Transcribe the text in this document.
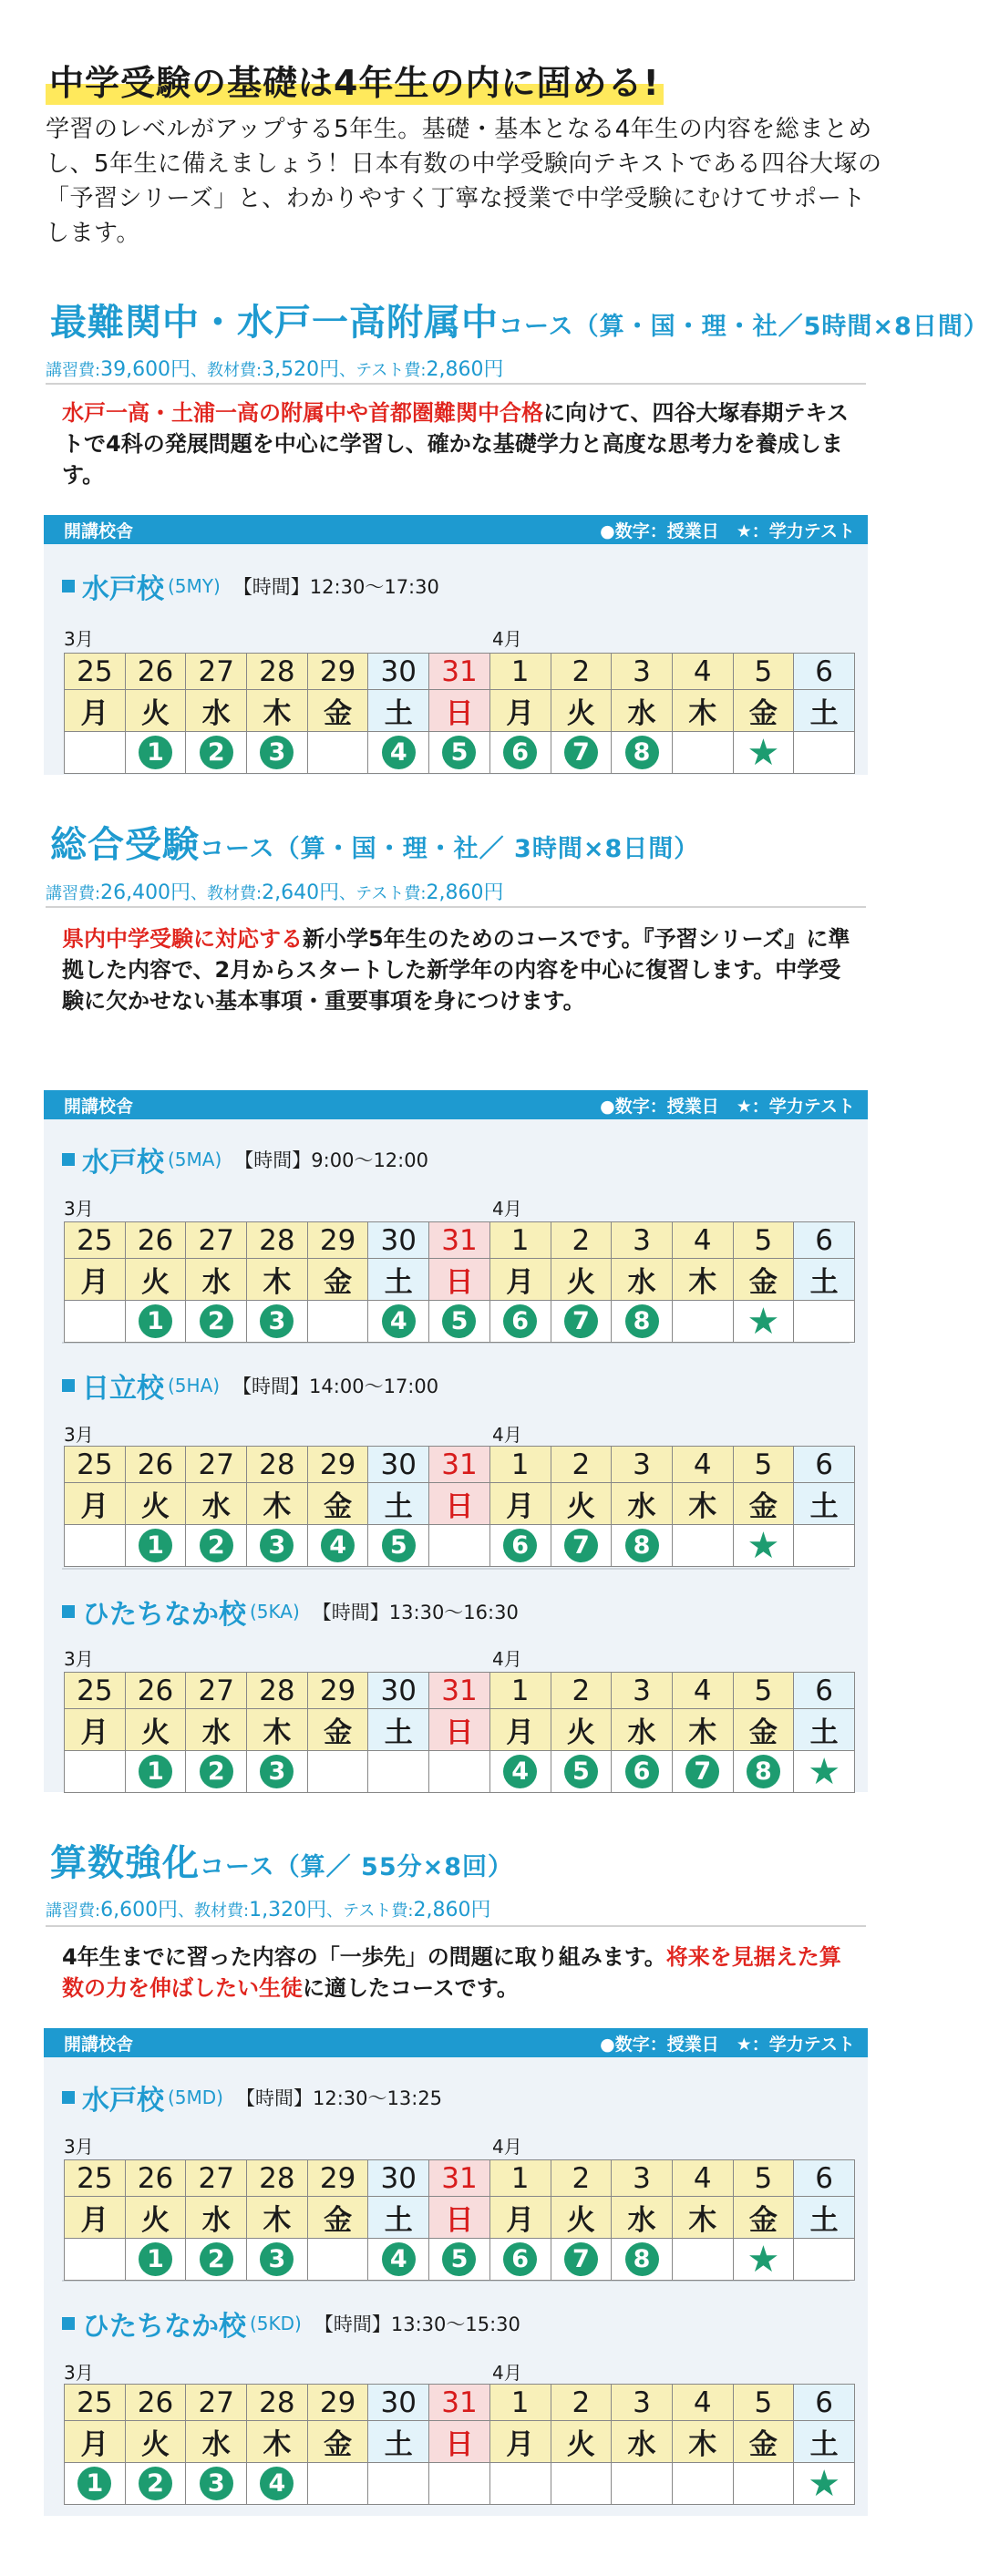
中学受験の基礎は4年生の内に固める!
学習のレベルがアップする5年生。基礎・基本となる4年生の内容を総まとめし、5年生に備えましょう！日本有数の中学受験向テキストである四谷大塚の「予習シリーズ」と、わかりやすく丁寧な授業で中学受験にむけてサポートします。
最難関中・水戸一高附属中コース（算・国・理・社／5時間×8日間）
講習費:39,600円、教材費:3,520円、テスト費:2,860円
水戸一高・土浦一高の附属中や首都圏難関中合格に向けて、四谷大塚春期テキストで4科の発展問題を中心に学習し、確かな基礎学力と高度な思考力を養成します。
開講校舎	●数字：授業日　★：学力テスト
水戸校 (5MY) 【時間】12:30～17:30
3月	4月
25	26	27	28	29	30	31	1	2	3	4	5	6
月	火	水	木	金	土	日	月	火	水	木	金	土
	1	2	3		4	5	6	7	8		★	
総合受験コース（算・国・理・社／ 3時間×8日間）
講習費:26,400円、教材費:2,640円、テスト費:2,860円
県内中学受験に対応する新小学5年生のためのコースです。『予習シリーズ』に準拠した内容で、2月からスタートした新学年の内容を中心に復習します。中学受験に欠かせない基本事項・重要事項を身につけます。
開講校舎	●数字：授業日　★：学力テスト
水戸校 (5MA) 【時間】9:00～12:00
3月	4月
25	26	27	28	29	30	31	1	2	3	4	5	6
月	火	水	木	金	土	日	月	火	水	木	金	土
	1	2	3		4	5	6	7	8		★	
日立校 (5HA) 【時間】14:00～17:00
3月	4月
25	26	27	28	29	30	31	1	2	3	4	5	6
月	火	水	木	金	土	日	月	火	水	木	金	土
	1	2	3	4	5		6	7	8		★	
ひたちなか校 (5KA) 【時間】13:30～16:30
3月	4月
25	26	27	28	29	30	31	1	2	3	4	5	6
月	火	水	木	金	土	日	月	火	水	木	金	土
	1	2	3				4	5	6	7	8	★
算数強化コース（算／ 55分×8回）
講習費:6,600円、教材費:1,320円、テスト費:2,860円
4年生までに習った内容の「一歩先」の問題に取り組みます。将来を見据えた算数の力を伸ばしたい生徒に適したコースです。
開講校舎	●数字：授業日　★：学力テスト
水戸校 (5MD) 【時間】12:30～13:25
3月	4月
25	26	27	28	29	30	31	1	2	3	4	5	6
月	火	水	木	金	土	日	月	火	水	木	金	土
	1	2	3		4	5	6	7	8		★	
ひたちなか校 (5KD) 【時間】13:30～15:30
3月	4月
25	26	27	28	29	30	31	1	2	3	4	5	6
月	火	水	木	金	土	日	月	火	水	木	金	土
1	2	3	4									★
